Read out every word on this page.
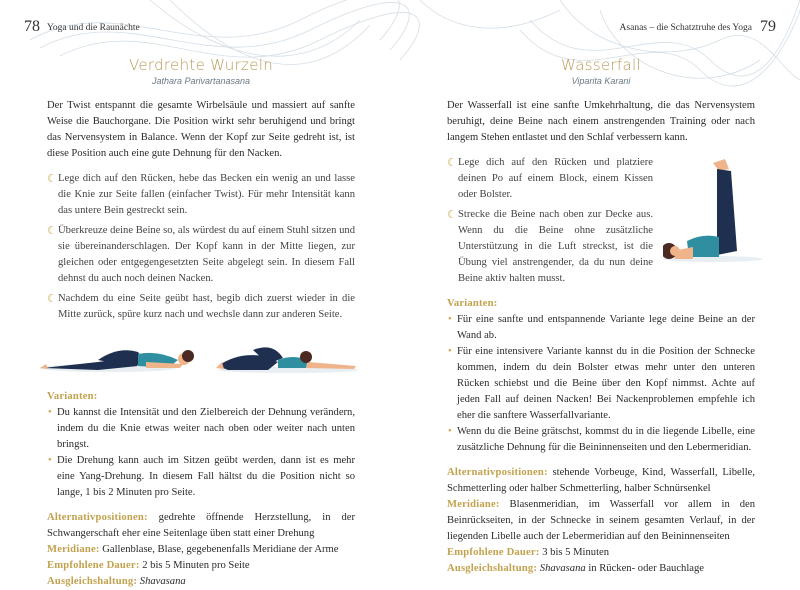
78 Yoga und die Raunächte
Verdrehte Wurzeln
Jathara Parivartanasana
Der Twist entspannt die gesamte Wirbelsäule und massiert auf sanfte Weise die Bauchorgane. Die Position wirkt sehr beruhigend und bringt das Nervensystem in Balance. Wenn der Kopf zur Seite gedreht ist, ist diese Position auch eine gute Dehnung für den Nacken.
☾ Lege dich auf den Rücken, hebe das Becken ein wenig an und lasse die Knie zur Seite fallen (einfacher Twist). Für mehr Intensität kann das untere Bein gestreckt sein.
☾ Überkreuze deine Beine so, als würdest du auf einem Stuhl sitzen und sie übereinanderschlagen. Der Kopf kann in der Mitte liegen, zur gleichen oder entgegengesetzten Seite abgelegt sein. In diesem Fall dehnst du auch noch deinen Nacken.
☾ Nachdem du eine Seite geübt hast, begib dich zuerst wieder in die Mitte zurück, spüre kurz nach und wechsle dann zur anderen Seite.
Varianten:
• Du kannst die Intensität und den Zielbereich der Dehnung verändern, indem du die Knie etwas weiter nach oben oder weiter nach unten bringst.
• Die Drehung kann auch im Sitzen geübt werden, dann ist es mehr eine Yang-Drehung. In diesem Fall hältst du die Position nicht so lange, 1 bis 2 Minuten pro Seite.
Alternativpositionen: gedrehte öffnende Herzstellung, in der Schwangerschaft eher eine Seitenlage üben statt einer Drehung
Meridiane: Gallenblase, Blase, gegebenenfalls Meridiane der Arme
Empfohlene Dauer: 2 bis 5 Minuten pro Seite
Ausgleichshaltung: Shavasana
Asanas – die Schatztruhe des Yoga 79
Wasserfall
Viparita Karani
Der Wasserfall ist eine sanfte Umkehrhaltung, die das Nervensystem beruhigt, deine Beine nach einem anstrengenden Training oder nach langem Stehen entlastet und den Schlaf verbessern kann.
☾ Lege dich auf den Rücken und platziere deinen Po auf einem Block, einem Kissen oder Bolster.
☾ Strecke die Beine nach oben zur Decke aus. Wenn du die Beine ohne zusätzliche Unterstützung in die Luft streckst, ist die Übung viel anstrengender, da du nun deine Beine aktiv halten musst.
Varianten:
• Für eine sanfte und entspannende Variante lege deine Beine an der Wand ab.
• Für eine intensivere Variante kannst du in die Position der Schnecke kommen, indem du dein Bolster etwas mehr unter den unteren Rücken schiebst und die Beine über den Kopf nimmst. Achte auf jeden Fall auf deinen Nacken! Bei Nackenproblemen empfehle ich eher die sanftere Wasserfallvariante.
• Wenn du die Beine grätschst, kommst du in die liegende Libelle, eine zusätzliche Dehnung für die Beininnenseiten und den Lebermeridian.
Alternativpositionen: stehende Vorbeuge, Kind, Wasserfall, Libelle, Schmetterling oder halber Schmetterling, halber Schnürsenkel
Meridiane: Blasenmeridian, im Wasserfall vor allem in den Beinrückseiten, in der Schnecke in seinem gesamten Verlauf, in der liegenden Libelle auch der Lebermeridian auf den Beininnenseiten
Empfohlene Dauer: 3 bis 5 Minuten
Ausgleichshaltung: Shavasana in Rücken- oder Bauchlage
